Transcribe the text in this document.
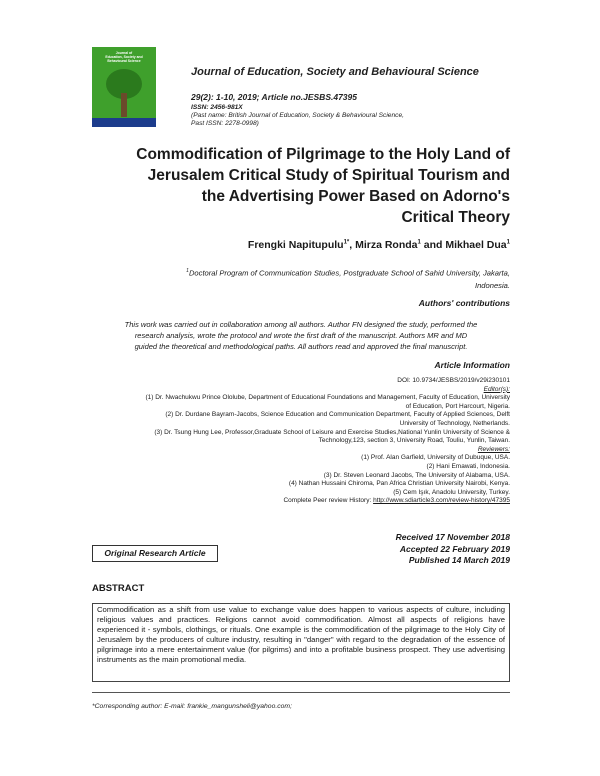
Journal of
Education, Society and
Behavioural Science
Journal of Education, Society and Behavioural Science
29(2): 1-10, 2019; Article no.JESBS.47395
ISSN: 2456-981X
(Past name: British Journal of Education, Society & Behavioural Science,
Past ISSN: 2278-0998)
Commodification of Pilgrimage to the Holy Land of
Jerusalem Critical Study of Spiritual Tourism and
the Advertising Power Based on Adorno's
Critical Theory
Frengki Napitupulu$^{1*}$, Mirza Ronda$^1$ and Mikhael Dua$^1$
$^1$Doctoral Program of Communication Studies, Postgraduate School of Sahid University, Jakarta,
Indonesia.
Authors' contributions
This work was carried out in collaboration among all authors. Author FN designed the study, performed the
research analysis, wrote the protocol and wrote the first draft of the manuscript. Authors MR and MD
guided the theoretical and methodological paths. All authors read and approved the final manuscript.
Article Information
DOI: 10.9734/JESBS/2019/v29i230101
Editor(s):
(1) Dr. Nwachukwu Prince Ololube, Department of Educational Foundations and Management, Faculty of Education, University
of Education, Port Harcourt, Nigeria.
(2) Dr. Durdane Bayram-Jacobs, Science Education and Communication Department, Faculty of Applied Sciences, Delft
University of Technology, Netherlands.
(3) Dr. Tsung Hung Lee, Professor,Graduate School of Leisure and Exercise Studies,National Yunlin University of Science &
Technology,123, section 3, University Road, Touliu, Yunlin, Taiwan.
Reviewers:
(1) Prof. Alan Garfield, University of Dubuque, USA.
(2) Hani Emawati, Indonesia.
(3) Dr. Steven Leonard Jacobs, The University of Alabama, USA.
(4) Nathan Hussaini Chiroma, Pan Africa Christian University Nairobi, Kenya.
(5) Cem Işık, Anadolu University, Turkey.
Complete Peer review History: http://www.sdiarticle3.com/review-history/47395
Original Research Article
Received 17 November 2018
Accepted 22 February 2019
Published 14 March 2019
ABSTRACT
Commodification as a shift from use value to exchange value does happen to various aspects of culture, including religious values and practices. Religions cannot avoid commodification. Almost all aspects of religions have experienced it - symbols, clothings, or rituals. One example is the commodification of the pilgrimage to the Holy City of Jerusalem by the producers of culture industry, resulting in "danger" with regard to the degradation of the essence of pilgrimage into a mere entertainment value (for pilgrims) and into a profitable business prospect. They use advertising instruments as the main promotional media.
*Corresponding author: E-mail: frankie_mangunsheli@yahoo.com;
